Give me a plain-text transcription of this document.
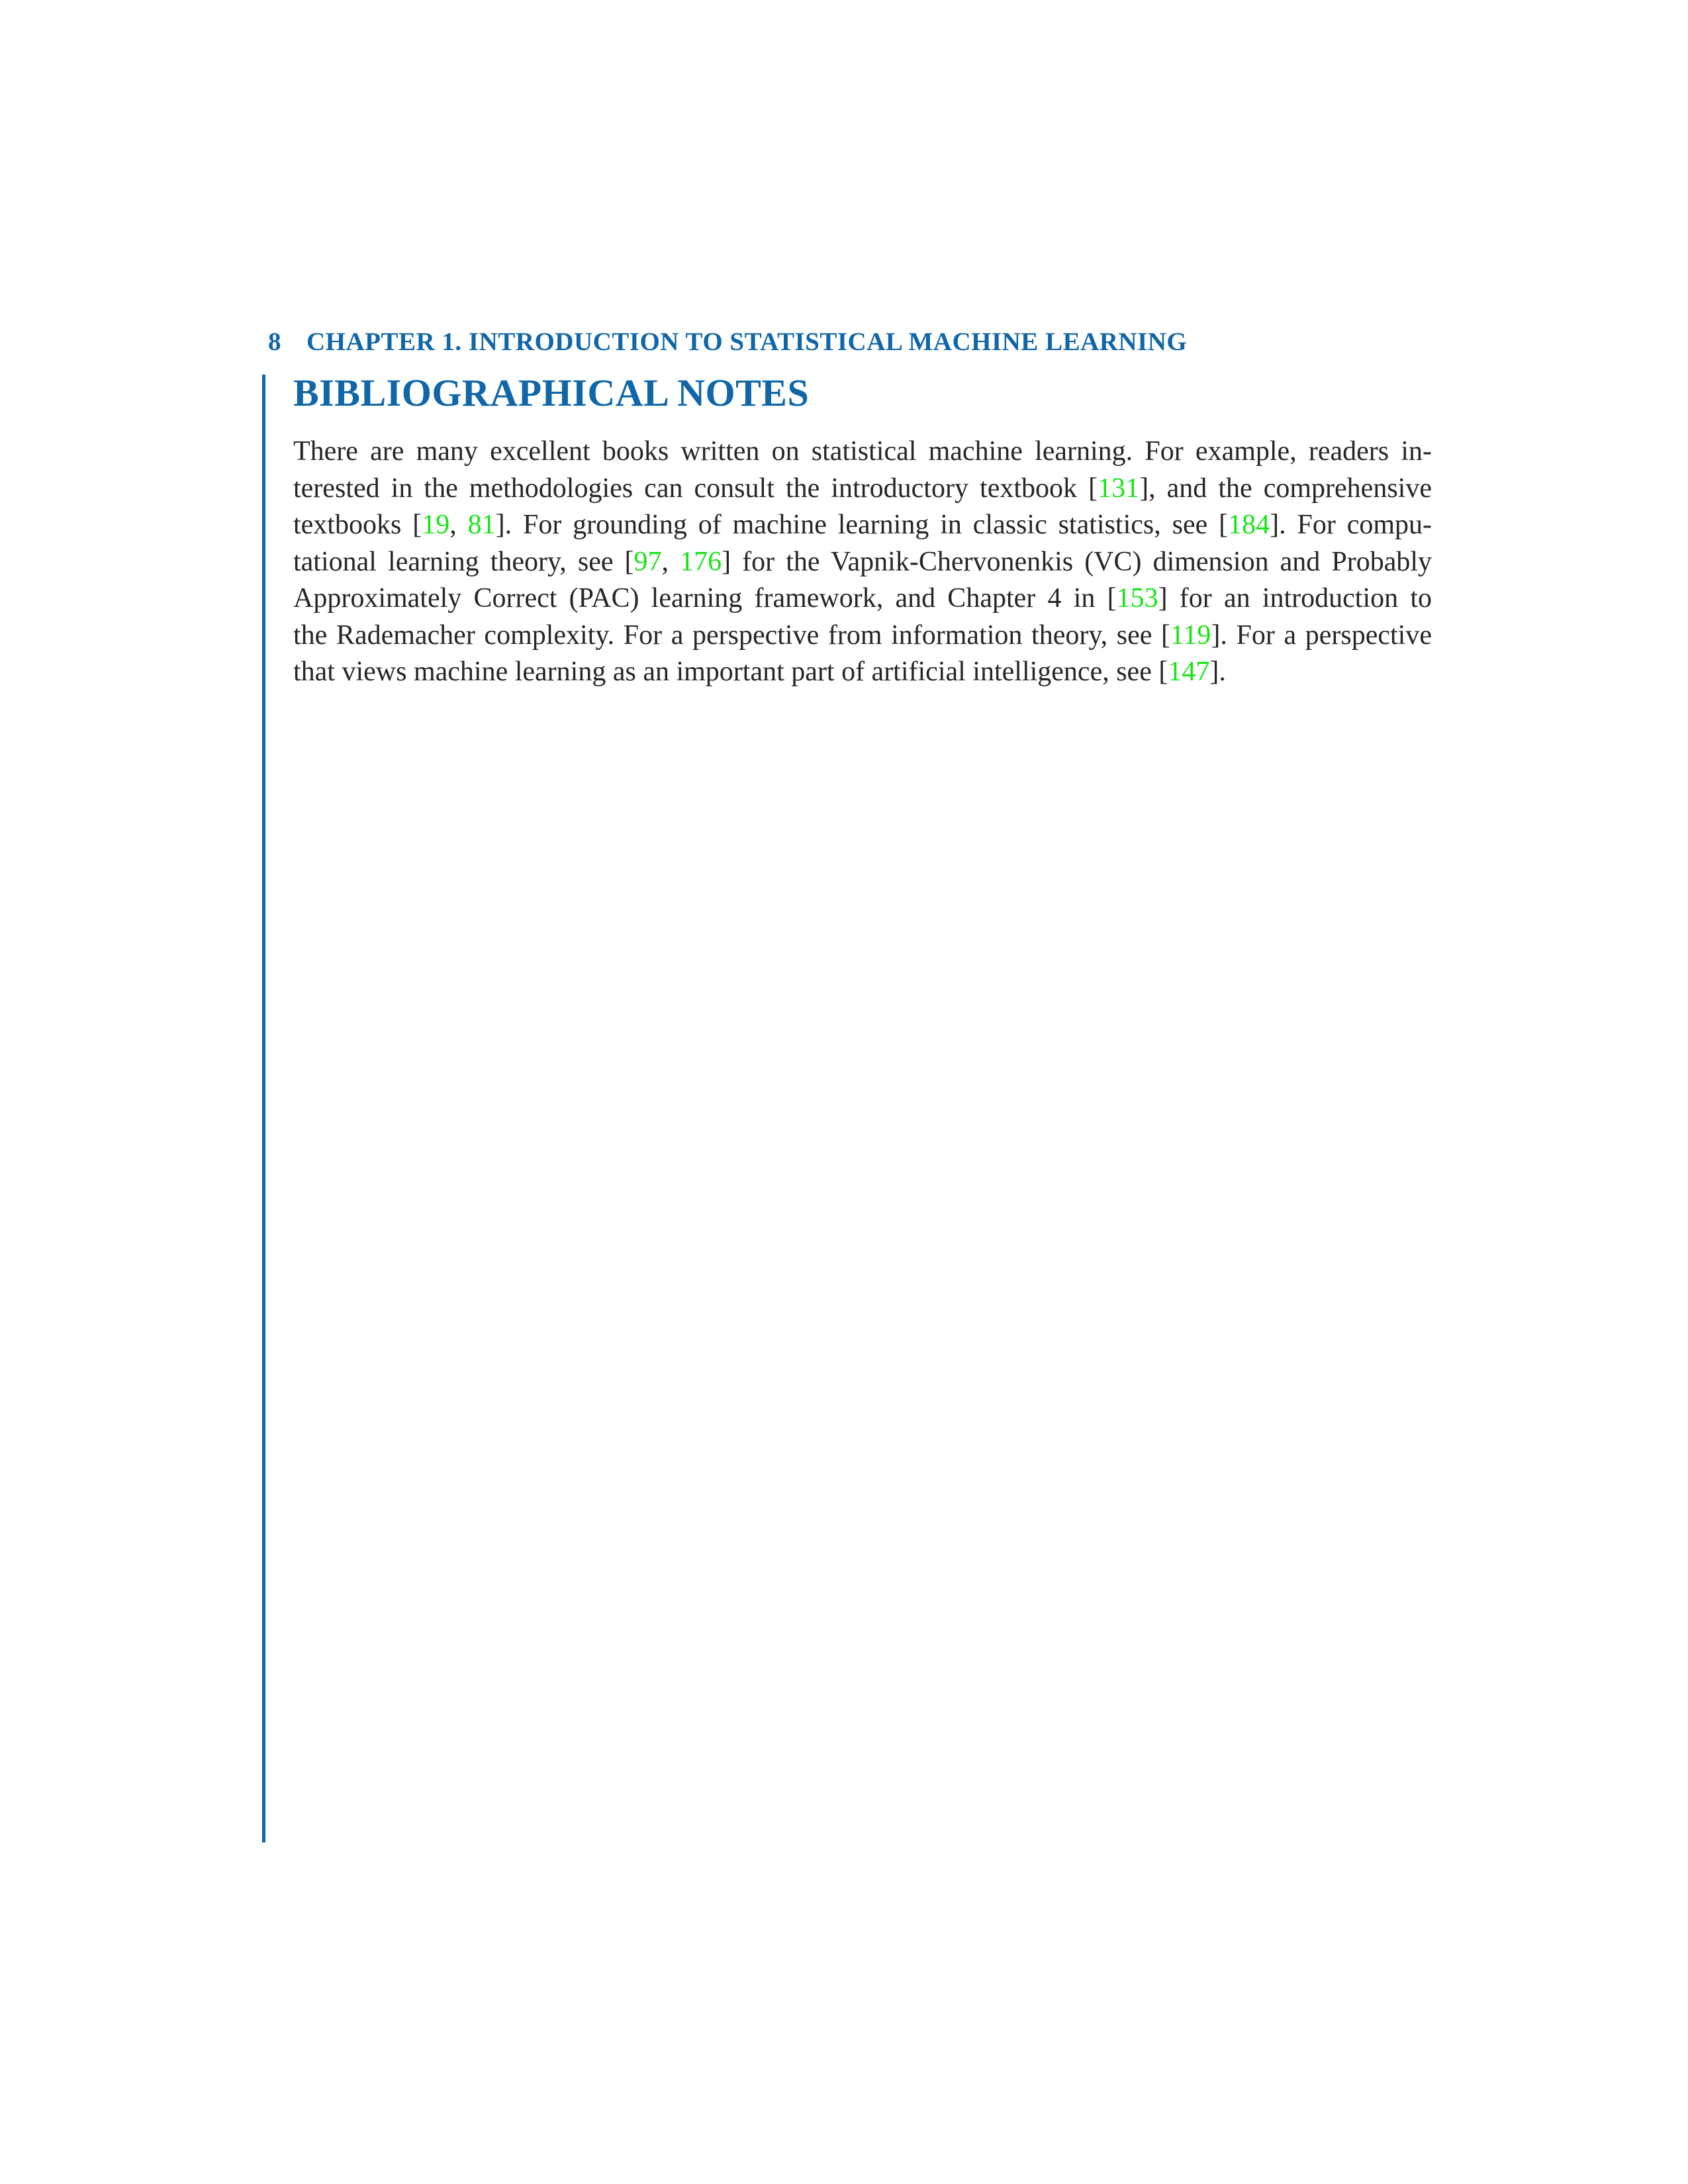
8 CHAPTER 1. INTRODUCTION TO STATISTICAL MACHINE LEARNING
BIBLIOGRAPHICAL NOTES
There are many excellent books written on statistical machine learning. For example, readers in-
terested in the methodologies can consult the introductory textbook [131], and the comprehensive
textbooks [19, 81]. For grounding of machine learning in classic statistics, see [184]. For compu-
tational learning theory, see [97, 176] for the Vapnik-Chervonenkis (VC) dimension and Probably
Approximately Correct (PAC) learning framework, and Chapter 4 in [153] for an introduction to
the Rademacher complexity. For a perspective from information theory, see [119]. For a perspective
that views machine learning as an important part of artificial intelligence, see [147].
